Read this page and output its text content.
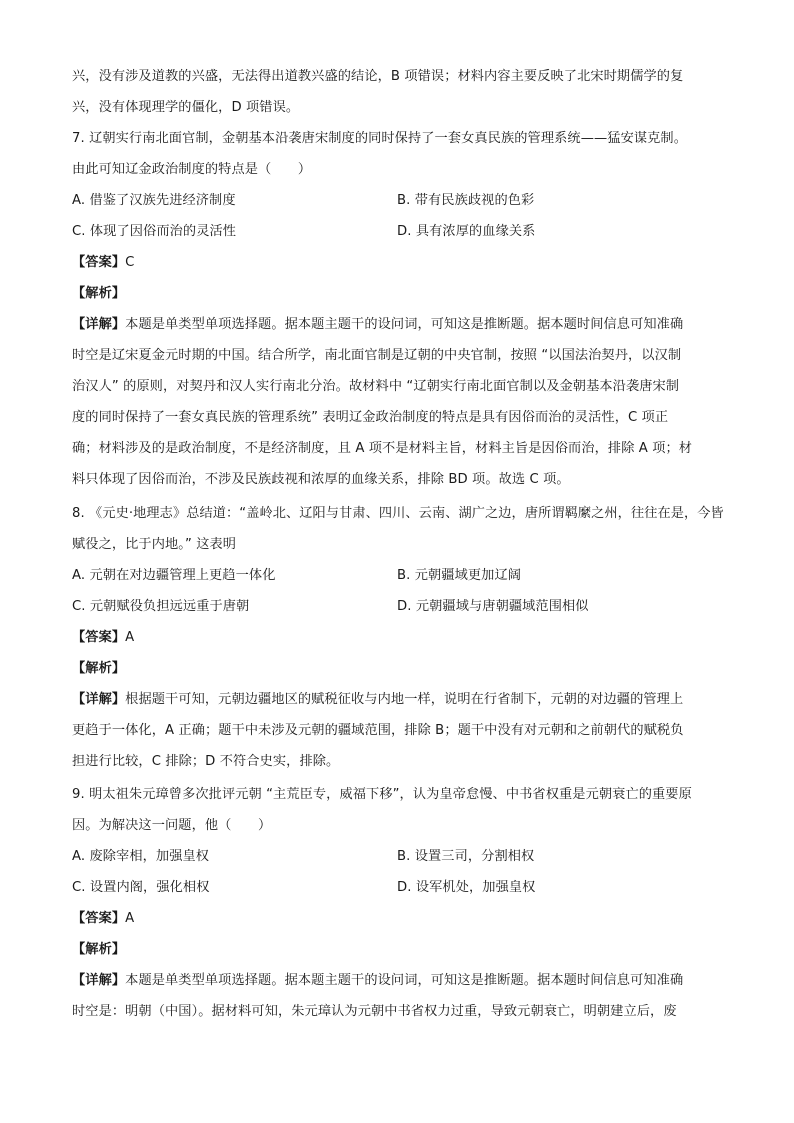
兴，没有涉及道教的兴盛，无法得出道教兴盛的结论，B 项错误；材料内容主要反映了北宋时期儒学的复
兴，没有体现理学的僵化，D 项错误。
7. 辽朝实行南北面官制，金朝基本沿袭唐宋制度的同时保持了一套女真民族的管理系统——猛安谋克制。
由此可知辽金政治制度的特点是（　　）
A. 借鉴了汉族先进经济制度	B. 带有民族歧视的色彩
C. 体现了因俗而治的灵活性	D. 具有浓厚的血缘关系
【答案】C
【解析】
【详解】本题是单类型单项选择题。据本题主题干的设问词，可知这是推断题。据本题时间信息可知准确
时空是辽宋夏金元时期的中国。结合所学，南北面官制是辽朝的中央官制，按照 “以国法治契丹，以汉制
治汉人” 的原则，对契丹和汉人实行南北分治。故材料中 “辽朝实行南北面官制以及金朝基本沿袭唐宋制
度的同时保持了一套女真民族的管理系统” 表明辽金政治制度的特点是具有因俗而治的灵活性，C 项正
确；材料涉及的是政治制度，不是经济制度，且 A 项不是材料主旨，材料主旨是因俗而治，排除 A 项；材
料只体现了因俗而治，不涉及民族歧视和浓厚的血缘关系，排除 BD 项。故选 C 项。
8. 《元史·地理志》总结道：“盖岭北、辽阳与甘肃、四川、云南、湖广之边，唐所谓羁縻之州，往往在是，今皆
赋役之，比于内地。” 这表明
A. 元朝在对边疆管理上更趋一体化	B. 元朝疆域更加辽阔
C. 元朝赋役负担远远重于唐朝	D. 元朝疆域与唐朝疆域范围相似
【答案】A
【解析】
【详解】根据题干可知，元朝边疆地区的赋税征收与内地一样，说明在行省制下，元朝的对边疆的管理上
更趋于一体化，A 正确；题干中未涉及元朝的疆域范围，排除 B；题干中没有对元朝和之前朝代的赋税负
担进行比较，C 排除；D 不符合史实，排除。
9. 明太祖朱元璋曾多次批评元朝 “主荒臣专，威福下移”，认为皇帝怠慢、中书省权重是元朝衰亡的重要原
因。为解决这一问题，他（　　）
A. 废除宰相，加强皇权	B. 设置三司，分割相权
C. 设置内阁，强化相权	D. 设军机处，加强皇权
【答案】A
【解析】
【详解】本题是单类型单项选择题。据本题主题干的设问词，可知这是推断题。据本题时间信息可知准确
时空是：明朝（中国）。据材料可知，朱元璋认为元朝中书省权力过重，导致元朝衰亡，明朝建立后，废
